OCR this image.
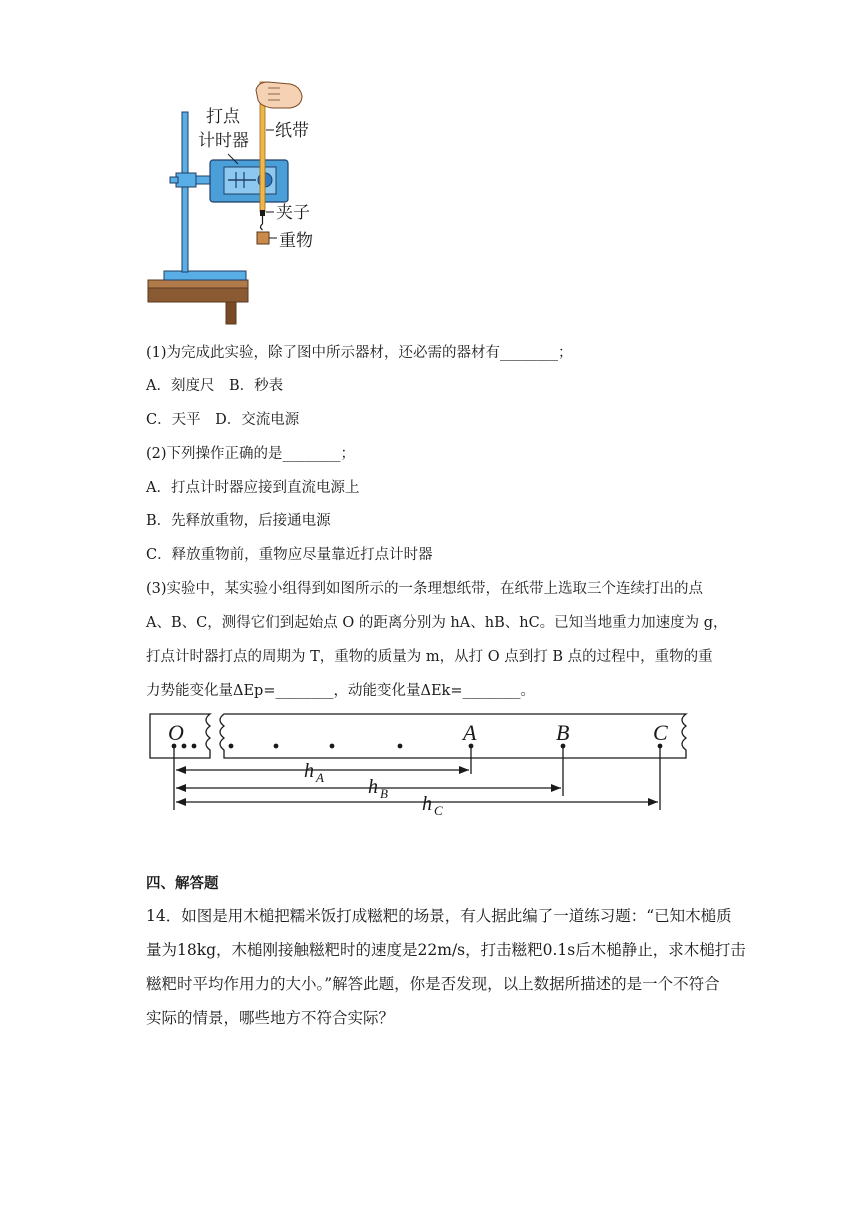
打点
计时器 纸带
夹子
重物
(1)为完成此实验，除了图中所示器材，还必需的器材有________；
A．刻度尺　B．秒表
C．天平　D．交流电源
(2)下列操作正确的是________；
A．打点计时器应接到直流电源上
B．先释放重物，后接通电源
C．释放重物前，重物应尽量靠近打点计时器
(3)实验中，某实验小组得到如图所示的一条理想纸带，在纸带上选取三个连续打出的点
A、B、C，测得它们到起始点 O 的距离分别为 hA、hB、hC。已知当地重力加速度为 g，
打点计时器打点的周期为 T，重物的质量为 m，从打 O 点到打 B 点的过程中，重物的重
力势能变化量ΔEp=________，动能变化量ΔEk=________。
O	A	B	C
h A h B h C
四、解答题
14．如图是用木槌把糯米饭打成糍粑的场景，有人据此编了一道练习题：“已知木槌质
量为18kg，木槌刚接触糍粑时的速度是22m/s，打击糍粑0.1s后木槌静止，求木槌打击
糍粑时平均作用力的大小。”解答此题，你是否发现，以上数据所描述的是一个不符合
实际的情景，哪些地方不符合实际？
